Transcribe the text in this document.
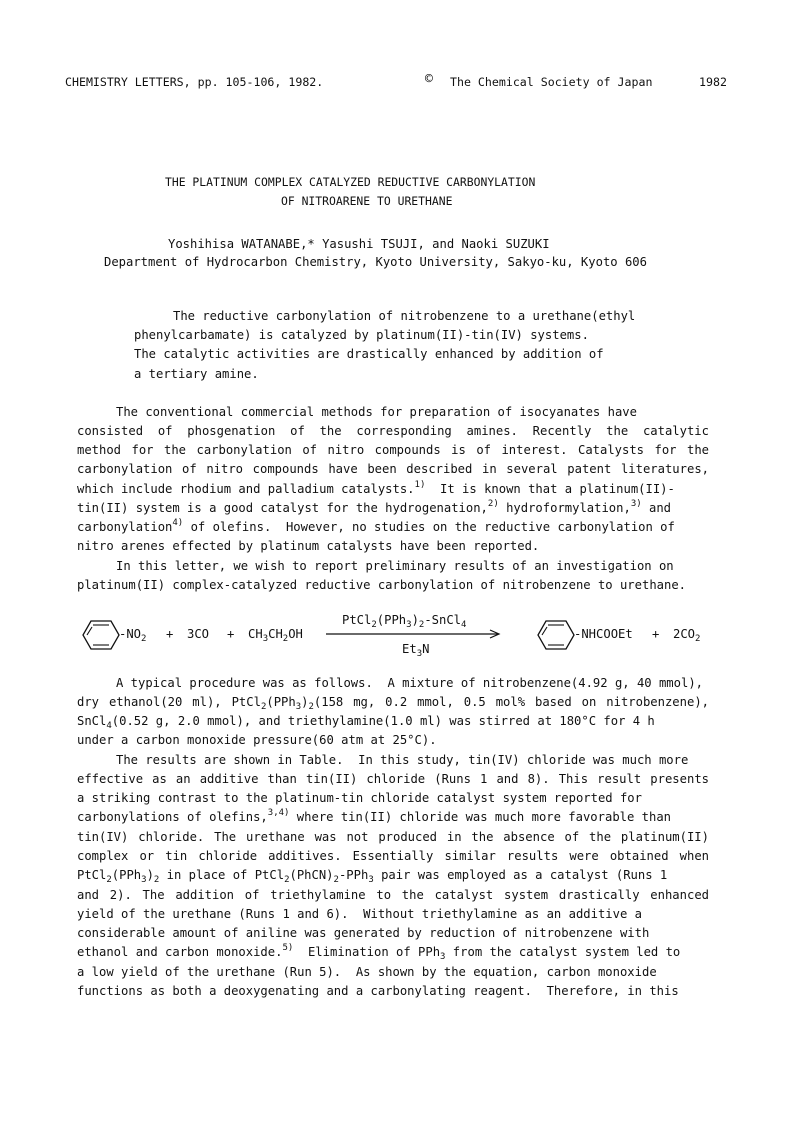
CHEMISTRY LETTERS, pp. 105-106, 1982.	© The Chemical Society of Japan	1982
THE PLATINUM COMPLEX CATALYZED REDUCTIVE CARBONYLATION
OF NITROARENE TO URETHANE
Yoshihisa WATANABE,* Yasushi TSUJI, and Naoki SUZUKI
Department of Hydrocarbon Chemistry, Kyoto University, Sakyo-ku, Kyoto 606
The reductive carbonylation of nitrobenzene to a urethane(ethyl
phenylcarbamate) is catalyzed by platinum(II)-tin(IV) systems.
The catalytic activities are drastically enhanced by addition of
a tertiary amine.
The conventional commercial methods for preparation of isocyanates have
consisted of phosgenation of the corresponding amines. Recently the catalytic
method for the carbonylation of nitro compounds is of interest. Catalysts for the
carbonylation of nitro compounds have been described in several patent literatures,
which include rhodium and palladium catalysts.$^{1)}$  It is known that a platinum(II)-
tin(II) system is a good catalyst for the hydrogenation,$^{2)}$ hydroformylation,$^{3)}$ and
carbonylation$^{4)}$ of olefins.  However, no studies on the reductive carbonylation of
nitro arenes effected by platinum catalysts have been reported.
In this letter, we wish to report preliminary results of an investigation on
platinum(II) complex-catalyzed reductive carbonylation of nitrobenzene to urethane.
$-NO_2 + 3CO + CH_3CH_2OH$
$PtCl_2(PPh_3)_2-SnCl_4$
$Et_3N$
-NHCOOEt + $2CO_2$
A typical procedure was as follows.  A mixture of nitrobenzene(4.92 g, 40 mmol),
dry ethanol(20 ml), $PtCl_2(PPh_3)_2(158$ mg, 0.2 mmol, 0.5 mol% based on nitrobenzene),
SnCl$_4$(0.52 g, 2.0 mmol), and triethylamine(1.0 ml) was stirred at 180°C for 4 h
under a carbon monoxide pressure(60 atm at 25°C).
The results are shown in Table.  In this study, tin(IV) chloride was much more
effective as an additive than tin(II) chloride (Runs 1 and 8). This result presents
a striking contrast to the platinum-tin chloride catalyst system reported for
carbonylations of olefins,$^{3,4)}$ where tin(II) chloride was much more favorable than
tin(IV) chloride. The urethane was not produced in the absence of the platinum(II)
complex or tin chloride additives. Essentially similar results were obtained when
$PtCl_2(PPh_3)_2$ in place of $PtCl_2(PhCN)_2-PPh_3$ pair was employed as a catalyst (Runs 1
and 2). The addition of triethylamine to the catalyst system drastically enhanced
yield of the urethane (Runs 1 and 6).  Without triethylamine as an additive a
considerable amount of aniline was generated by reduction of nitrobenzene with
ethanol and carbon monoxide.$^{5)}$  Elimination of PPh$_3$ from the catalyst system led to
a low yield of the urethane (Run 5).  As shown by the equation, carbon monoxide
functions as both a deoxygenating and a carbonylating reagent.  Therefore, in this
